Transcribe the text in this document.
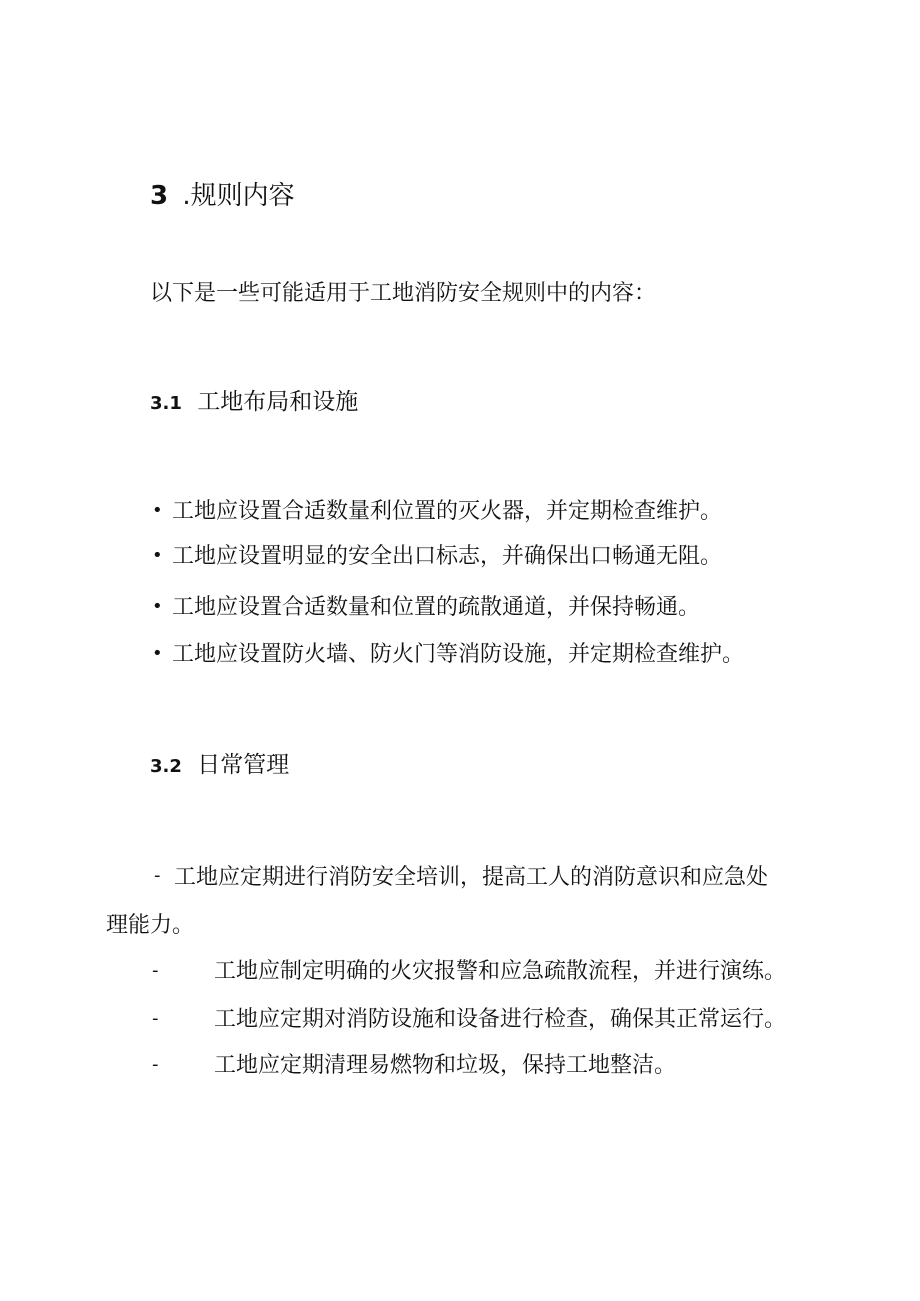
3 .规则内容
以下是一些可能适用于工地消防安全规则中的内容：
3.1 工地布局和设施
• 工地应设置合适数量利位置的灭火器，并定期检查维护。
• 工地应设置明显的安全出口标志，并确保出口畅通无阻。
• 工地应设置合适数量和位置的疏散通道，并保持畅通。
• 工地应设置防火墙、防火门等消防设施，并定期检查维护。
3.2 日常管理
- 工地应定期进行消防安全培训，提高工人的消防意识和应急处
理能力。
-	工地应制定明确的火灾报警和应急疏散流程，并进行演练。
-	工地应定期对消防设施和设备进行检查，确保其正常运行。
-	工地应定期清理易燃物和垃圾，保持工地整洁。
